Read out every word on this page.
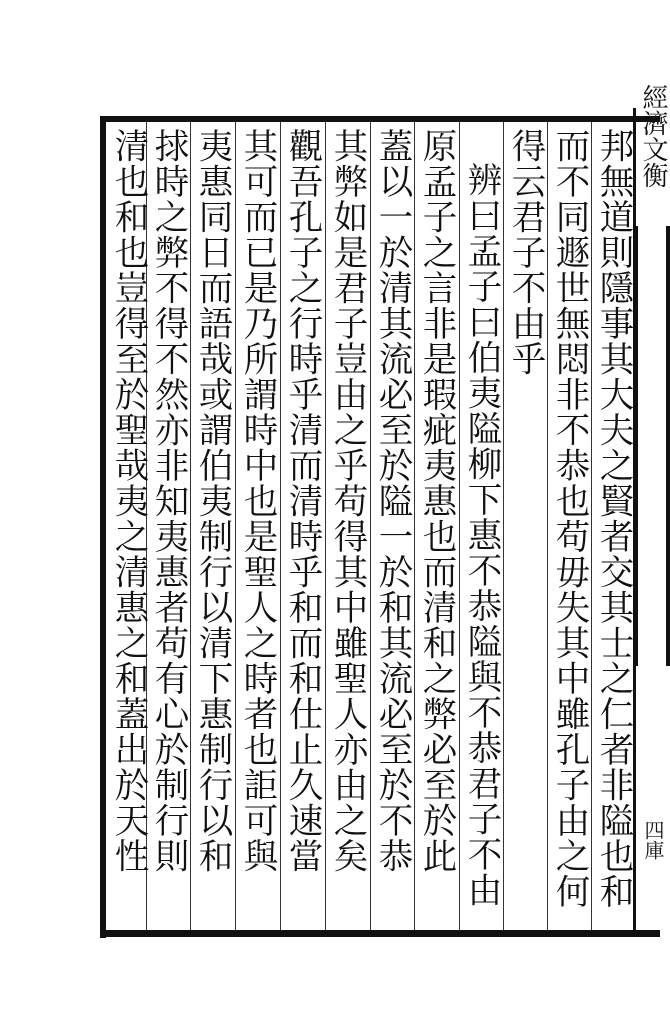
邦無道則隱事其大夫之賢者交其士之仁者非隘也和
而不同遯世無悶非不恭也苟毋失其中雖孔子由之何
得云君子不由乎
辨曰孟子曰伯夷隘柳下惠不恭隘與不恭君子不由
原孟子之言非是瑕疵夷惠也而清和之弊必至於此
蓋以一於清其流必至於隘一於和其流必至於不恭
其弊如是君子豈由之乎苟得其中雖聖人亦由之矣
觀吾孔子之行時乎清而清時乎和而和仕止久速當
其可而已是乃所謂時中也是聖人之時者也詎可與
夷惠同日而語哉或謂伯夷制行以清下惠制行以和
捄時之弊不得不然亦非知夷惠者苟有心於制行則
清也和也豈得至於聖哉夷之清惠之和蓋出於天性	經濟文衡
四庫
